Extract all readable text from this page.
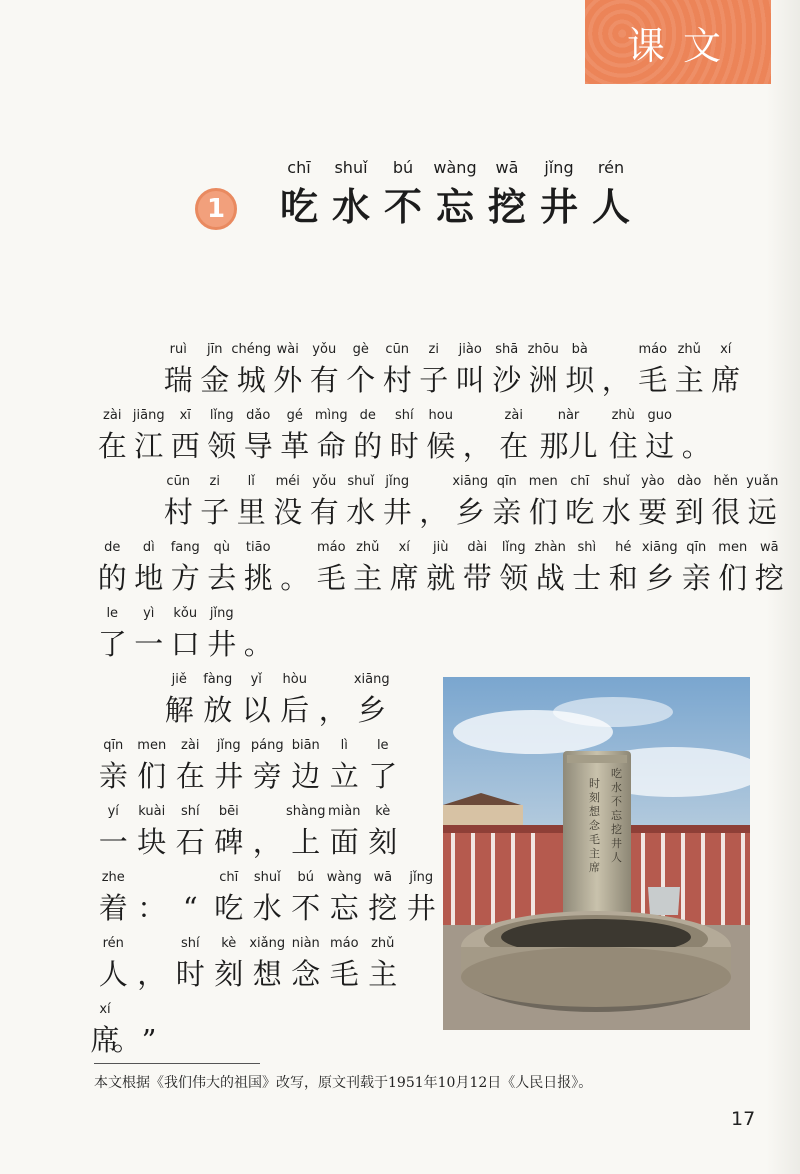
课文
1
chī
吃
shuǐ
水
bú
不
wàng
忘
wā
挖
jǐng
井
rén
人
ruì
瑞
jīn
金
chéng
城
wài
外
yǒu
有
gè
个
cūn
村
zi
子
jiào
叫
shā
沙
zhōu
洲
bà
坝 ，
máo
毛
zhǔ
主
xí
席
zài
在
jiāng
江
xī
西
lǐng
领
dǎo
导
gé
革
mìng
命
de
的
shí
时
hou
候 ，
zài
在
nàr
那儿
zhù
住
guo
过 。
cūn
村
zi
子
lǐ
里
méi
没
yǒu
有
shuǐ
水
jǐng
井 ，
xiāng
乡
qīn
亲
men
们
chī
吃
shuǐ
水
yào
要
dào
到
hěn
很
yuǎn
远
de
的
dì
地
fang
方
qù
去
tiāo
挑 。
máo
毛
zhǔ
主
xí
席
jiù
就
dài
带
lǐng
领
zhàn
战
shì
士
hé
和
xiāng
乡
qīn
亲
men
们
wā
挖
le
了
yì
一
kǒu
口
jǐng
井 。
jiě
解
fàng
放
yǐ
以
hòu
后 ，
xiāng
乡
qīn
亲
men
们
zài
在
jǐng
井
páng
旁
biān
边
lì
立
le
了
yí
一
kuài
块
shí
石
bēi
碑 ，
shàng
上
miàn
面
kè
刻
zhe
着 ： “
chī
吃
shuǐ
水
bú
不
wàng
忘
wā
挖
jǐng
井
rén
人 ，
shí
时
kè
刻
xiǎng
想
niàn
念
máo
毛
zhǔ
主
xí
席
。 ”
吃
水
不
忘
挖
井
人
时
刻
想
念
毛
主
席
本文根据《我们伟大的祖国》改写，原文刊载于1951年10月12日《人民日报》。
17
